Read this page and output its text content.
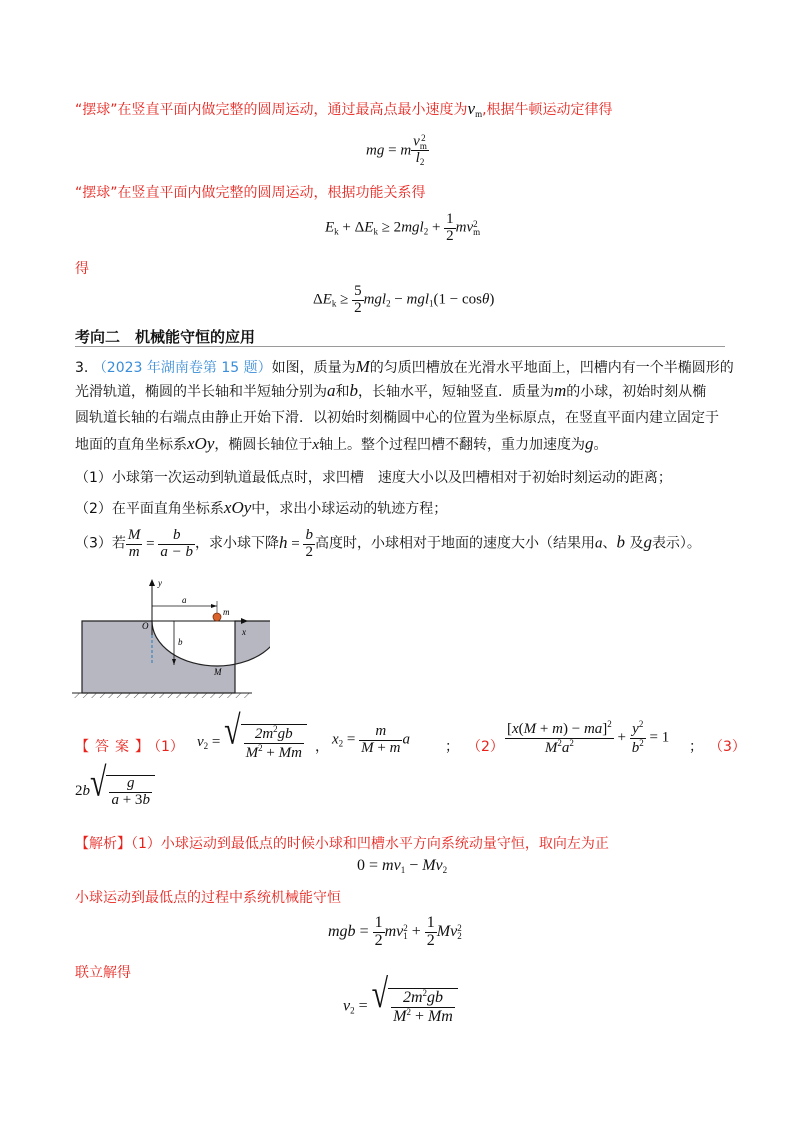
“摆球”在竖直平面内做完整的圆周运动，通过最高点最小速度为$v_m$,根据牛顿运动定律得
mg = m v 2
m
$l_2$
“摆球”在竖直平面内做完整的圆周运动，根据功能关系得
$E_k + \Delta E_k \ge 2mgl_2 + \frac{1}{2}$ mv 2
m
得
$\Delta E_k \ge \frac{5}{2} mgl_2 - mgl_1(1 - \cos\theta)$
考向二　机械能守恒的应用
3. （2023 年湖南卷第 15 题）如图，质量为M的匀质凹槽放在光滑水平地面上，凹槽内有一个半椭圆形的
光滑轨道，椭圆的半长轴和半短轴分别为a和b，长轴水平，短轴竖直．质量为m的小球，初始时刻从椭
圆轨道长轴的右端点由静止开始下滑．以初始时刻椭圆中心的位置为坐标原点，在竖直平面内建立固定于
地面的直角坐标系xOy，椭圆长轴位于x轴上。整个过程凹槽不翻转，重力加速度为g。
（1）小球第一次运动到轨道最低点时，求凹槽　速度大小以及凹槽相对于初始时刻运动的距离；
（2）在平面直角坐标系xOy中，求出小球运动的轨迹方程；
（3）若 $\frac{M}{m} = \frac{b}{a - b}$ ，求小球下降$h = \frac{b}{2}$ 高度时，小球相对于地面的速度大小（结果用a、b 及g表示）。
y
x
O
a
b
m
M
【答案】
（1） $v_2$ = √ $\frac{2m^2gb}{M^2 + Mm}$ ， $x_2 = \frac{m}{M + m}$ a	； $(2) \frac{[x(M + m) - ma]^2}{M^2a^2} + \frac{y^2}{b^2} = 1$
； （3）
2b √ $\frac{g}{a + 3b}$
【解析】（1）小球运动到最低点的时候小球和凹槽水平方向系统动量守恒，取向左为正
$0 = mv_1 - Mv_2$
小球运动到最低点的过程中系统机械能守恒
mgb = $\frac{1}{2}$ mv 2
$1 + \frac{1}{2}$ Mv 2
2
联立解得
$v_2$ = √ $\frac{2m^2gb}{M^2 + Mm}$
